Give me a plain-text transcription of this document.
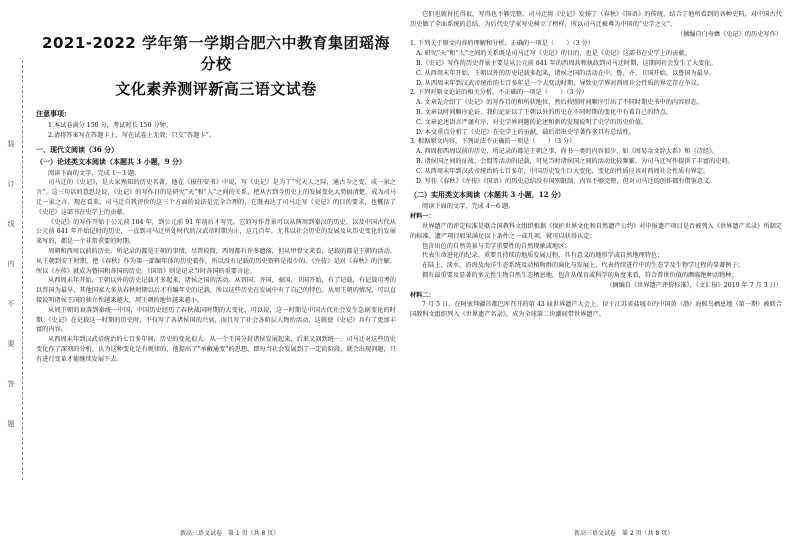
装
订
线
内
不
要
答
题
2021-2022 学年第一学期合肥六中教育集团瑶海分校
文化素养测评新高三语文试卷
注意事项:

1.本试卷满分 150 分，考试时长 150 分钟。

2.请将答案写在答题卡上，写在试卷上无效，只交“答题卡”。

一、现代文阅读（36 分）
（一）论述类文本阅读（本题共 3 小题，9 分）

阅读下面的文字，完成 1～3 题。

司马迁的《史记》，是大家熟知的历史名著，他在《报任安书》中说，写《史记》是为了“究天人之际，通古今之变，成一家之言”。这三句话的意思是说，《史记》的写作目的是研究“天”和“人”之间的关系，把从古到今历史上的发展变化大势搞清楚，成为司马迁一家之言。现在看来，司马迁自我评价的这三个方面的说法是完全合理的，它既表达了司马迁写《史记》的目的要求，也概括了《史记》这部书在史学上的贡献。

《史记》的写作开始于公元前 104 年，到公元前 91 年前后才写完。它的写作背景可以从两周到秦汉的历史，以及中国古代从公元前 841 年开始记时的历史，一直到司马迁所处时代的汉武帝时期为止，这几百年，尤其以社会历史的发展及从历史变化的发展来写的，都是一个非常重要的时期。

周朝和西周以前的历史，所记录的都是王朝的事情，尽管较简，西周都有许多遗落，但从甲骨文来看，记载的都是王朝的活动。从王朝到安王时期，把《春秋》作为第一部编年体的历史着作，所以没有记载的历史资料是很少的。《左传》是对《春秋》的注解，所以《左传》就成为鲁国和各国的历史。《国语》则是记录当时各国的重要言论。

从西周末年开始，王朝以外的历史记载才多起来，诸侯之国的活动。从晋国、齐国、秦国、卫国开始，有了记载，有记载可考的以晋国为最早，其他国家大多从春秋时期以后才有编年史的记载，所以这些历史在发展中有了自己的特色。从周王朝的情况，可以直接说明诸侯王国的独立性越来越大，周王朝的地位越来越小。

从周王朝的衰落到秦统一中国，中国历史经历了春秋战国时期的大变化，可以说，这一时期是中国古代社会发生急剧变化的时期。《史记》在记载这一时期的历史时，不仅写了各诸侯国的兴衰，而且写了社会各阶层人物的活动，这就使《史记》具有了更加丰富的内容。

从西周末年到汉武帝统治的七百多年间，历史的变化很大。从一个王国分封诸侯发展起来，后来又回到统一。司马迁对这些历史变化作了深刻的分析，认为这种变化是有规律的，他提出了“承敝通变”的思想，即每当社会发展到了一定的阶段，就会出现问题，只有进行变革才能继续发展下去。

它们也就衬托得很。写得也不够完整。司马迁将《史记》发扬了《春秋》《国语》的传统，结合了他所看到的各种史料，对中国古代历史做了全面系统的总结，为后代史学家写史树立了榜样，所以司马迁被尊为中国的“史学之父”。

（摘编自白寿彝《史记》的历史写作）

1. 下列关于原文内容的理解和分析，正确的一项是（　　）（3 分）

A. 研究“天”和“人”之间的关系既是司马迁写《史记》的目的，也是《史记》这部书在史学上的贡献。
B.《史记》写作的历史背景主要是从公元前 841 年的西周共和执政到司马迁时期，这期间社会发生了大变化。
C. 从西周末年开始，王朝以外的历史记载多起来，诸侯之国的活动在中、鲁、齐、卫国开始，以鲁国为最早。
D. 从西周末年到汉武帝统治的七百多年是一个大变动时期，导致史学界对西周社会性质的界定存在争议。

2. 下列对原文论证的相关分析，不正确的一项是（　　）（3 分）

A. 文章先介绍了《史记》的写作目的和所获地位，然后按照时间顺序引出了不同时期史书中的内容形态。
B. 文章以时间顺序论证，我们论证以了王朝以外的历史在不同时期的变化中有着自己的特点。
C. 文章论述语言严谨有序，对史学界问题的论述和新的发现说明了史学的历史价值。
D. 本文重点分析了《史记》在史学上的贡献，最后指出史学著作多具有总结性。

3. 根据原文内容，下列说法不正确的一项是（　　）（3 分）

A. 西周和西周以前的历史，所记录的都是王朝之事，尚书一类的内容很少，如《周易金文辞大系》和《诗经》。
B. 诸侯国之间的征战、会盟等活动的记载，可见当时诸侯国之间的活动比较频繁，为司马迁写作提供了丰富的史料。
C. 从西周末年到汉武帝统治的七百多年，中国历史发生巨大变化，变化的性质应该对西周社会性质有界定。
D. 写作《春秋》《左传》《国语》的历史总结没有国别限制，内容不够完整，但对司马迁的创作都有借鉴意义。
（二）实用类文本阅读（本题共 3 小题，12 分）

阅读下面的文字，完成 4～6 题。

材料一：

世界遗产的评定标准是联合国教科文组织根据《保护世界文化和自然遗产公约》对申报遗产项目是否被列入《世界遗产名录》所制定的标准。遗产项目如果满足以下条件之一或几项，就可以获得认定：

包含出色的自然美景与美学重要性的自然现象或地区；

代表生命进化的纪录、重要且持续的地质发展过程、具有意义的地形学或自然地理特色；

在陆上、淡水、沿海及海洋生态系统及动植物群的演化与发展上，代表持续进行中的生态学及生物学过程的显著例子；

拥有最重要及显著的多元性生物自然生态栖息地，包含从保育或科学的角度来看，符合普世价值的濒临绝种动物种。

（摘编自《世界遗产评价标准》，《文汇报》2019 年 7 月 3 日）

材料二：

7 月 5 日，在阿塞拜疆首都巴库召开的第 43 届世界遗产大会上，位于江苏省盐城市的中国黄（渤）海候鸟栖息地（第一期）被联合国教科文组织列入《世界遗产名录》，成为全球第二块潮间带世界遗产。

新高三语文试卷　第 1 页（共 8 页）	新高三语文试卷　第 2 页（共 8 页）
